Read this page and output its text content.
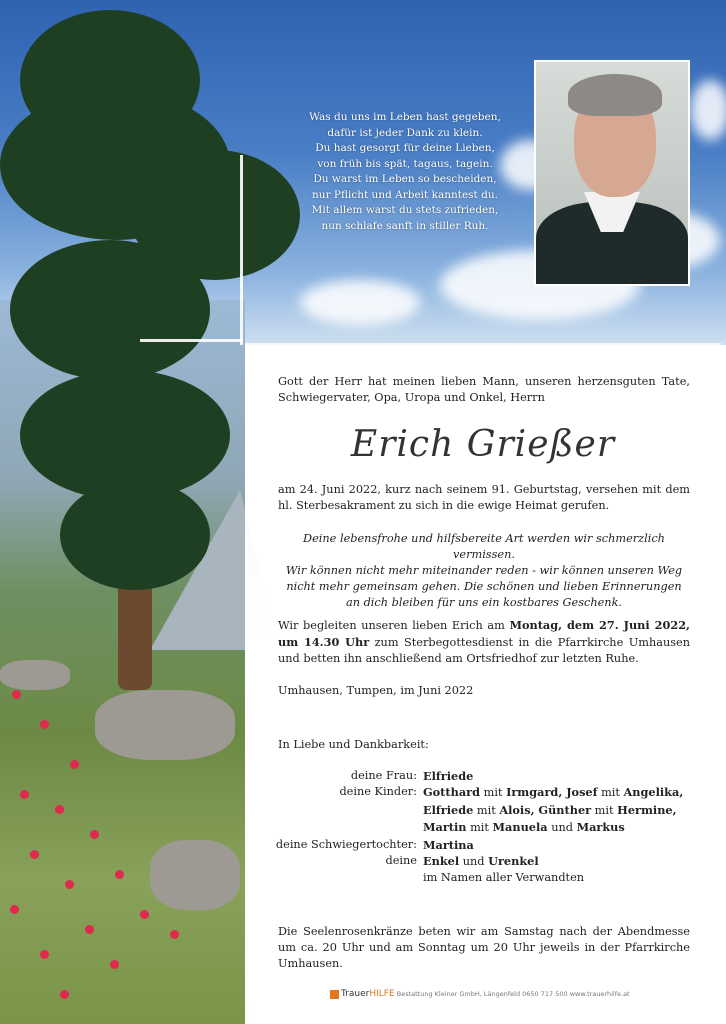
Was du uns im Leben hast gegeben,
dafür ist jeder Dank zu klein.
Du hast gesorgt für deine Lieben,
von früh bis spät, tagaus, tagein.
Du warst im Leben so bescheiden,
nur Pflicht und Arbeit kanntest du.
Mit allem warst du stets zufrieden,
nun schlafe sanft in stiller Ruh.
Gott der Herr hat meinen lieben Mann, unseren herzensguten Tate, Schwiegervater, Opa, Uropa und Onkel, Herrn
Erich Grießer
am 24. Juni 2022, kurz nach seinem 91. Geburtstag, versehen mit dem hl. Sterbesakrament zu sich in die ewige Heimat gerufen.
Deine lebensfrohe und hilfsbereite Art werden wir schmerzlich vermissen.
Wir können nicht mehr miteinander reden - wir können unseren Weg
nicht mehr gemeinsam gehen. Die schönen und lieben Erinnerungen
an dich bleiben für uns ein kostbares Geschenk.
Wir begleiten unseren lieben Erich am Montag, dem 27. Juni 2022, um 14.30 Uhr zum Sterbegottesdienst in die Pfarrkirche Umhausen und betten ihn anschließend am Ortsfriedhof zur letzten Ruhe.
Umhausen, Tumpen, im Juni 2022
In Liebe und Dankbarkeit:
deine Frau: Elfriede
deine Kinder: Gotthard mit Irmgard, Josef mit Angelika,
Elfriede mit Alois, Günther mit Hermine,
Martin mit Manuela und Markus
deine Schwiegertochter: Martina
deine Enkel und Urenkel
im Namen aller Verwandten
Die Seelenrosenkränze beten wir am Samstag nach der Abendmesse um ca. 20 Uhr und am Sonntag um 20 Uhr jeweils in der Pfarrkirche Umhausen.
TrauerHILFE Bestattung Kleiner GmbH, Längenfeld 0650 717 500 www.trauerhilfe.at
